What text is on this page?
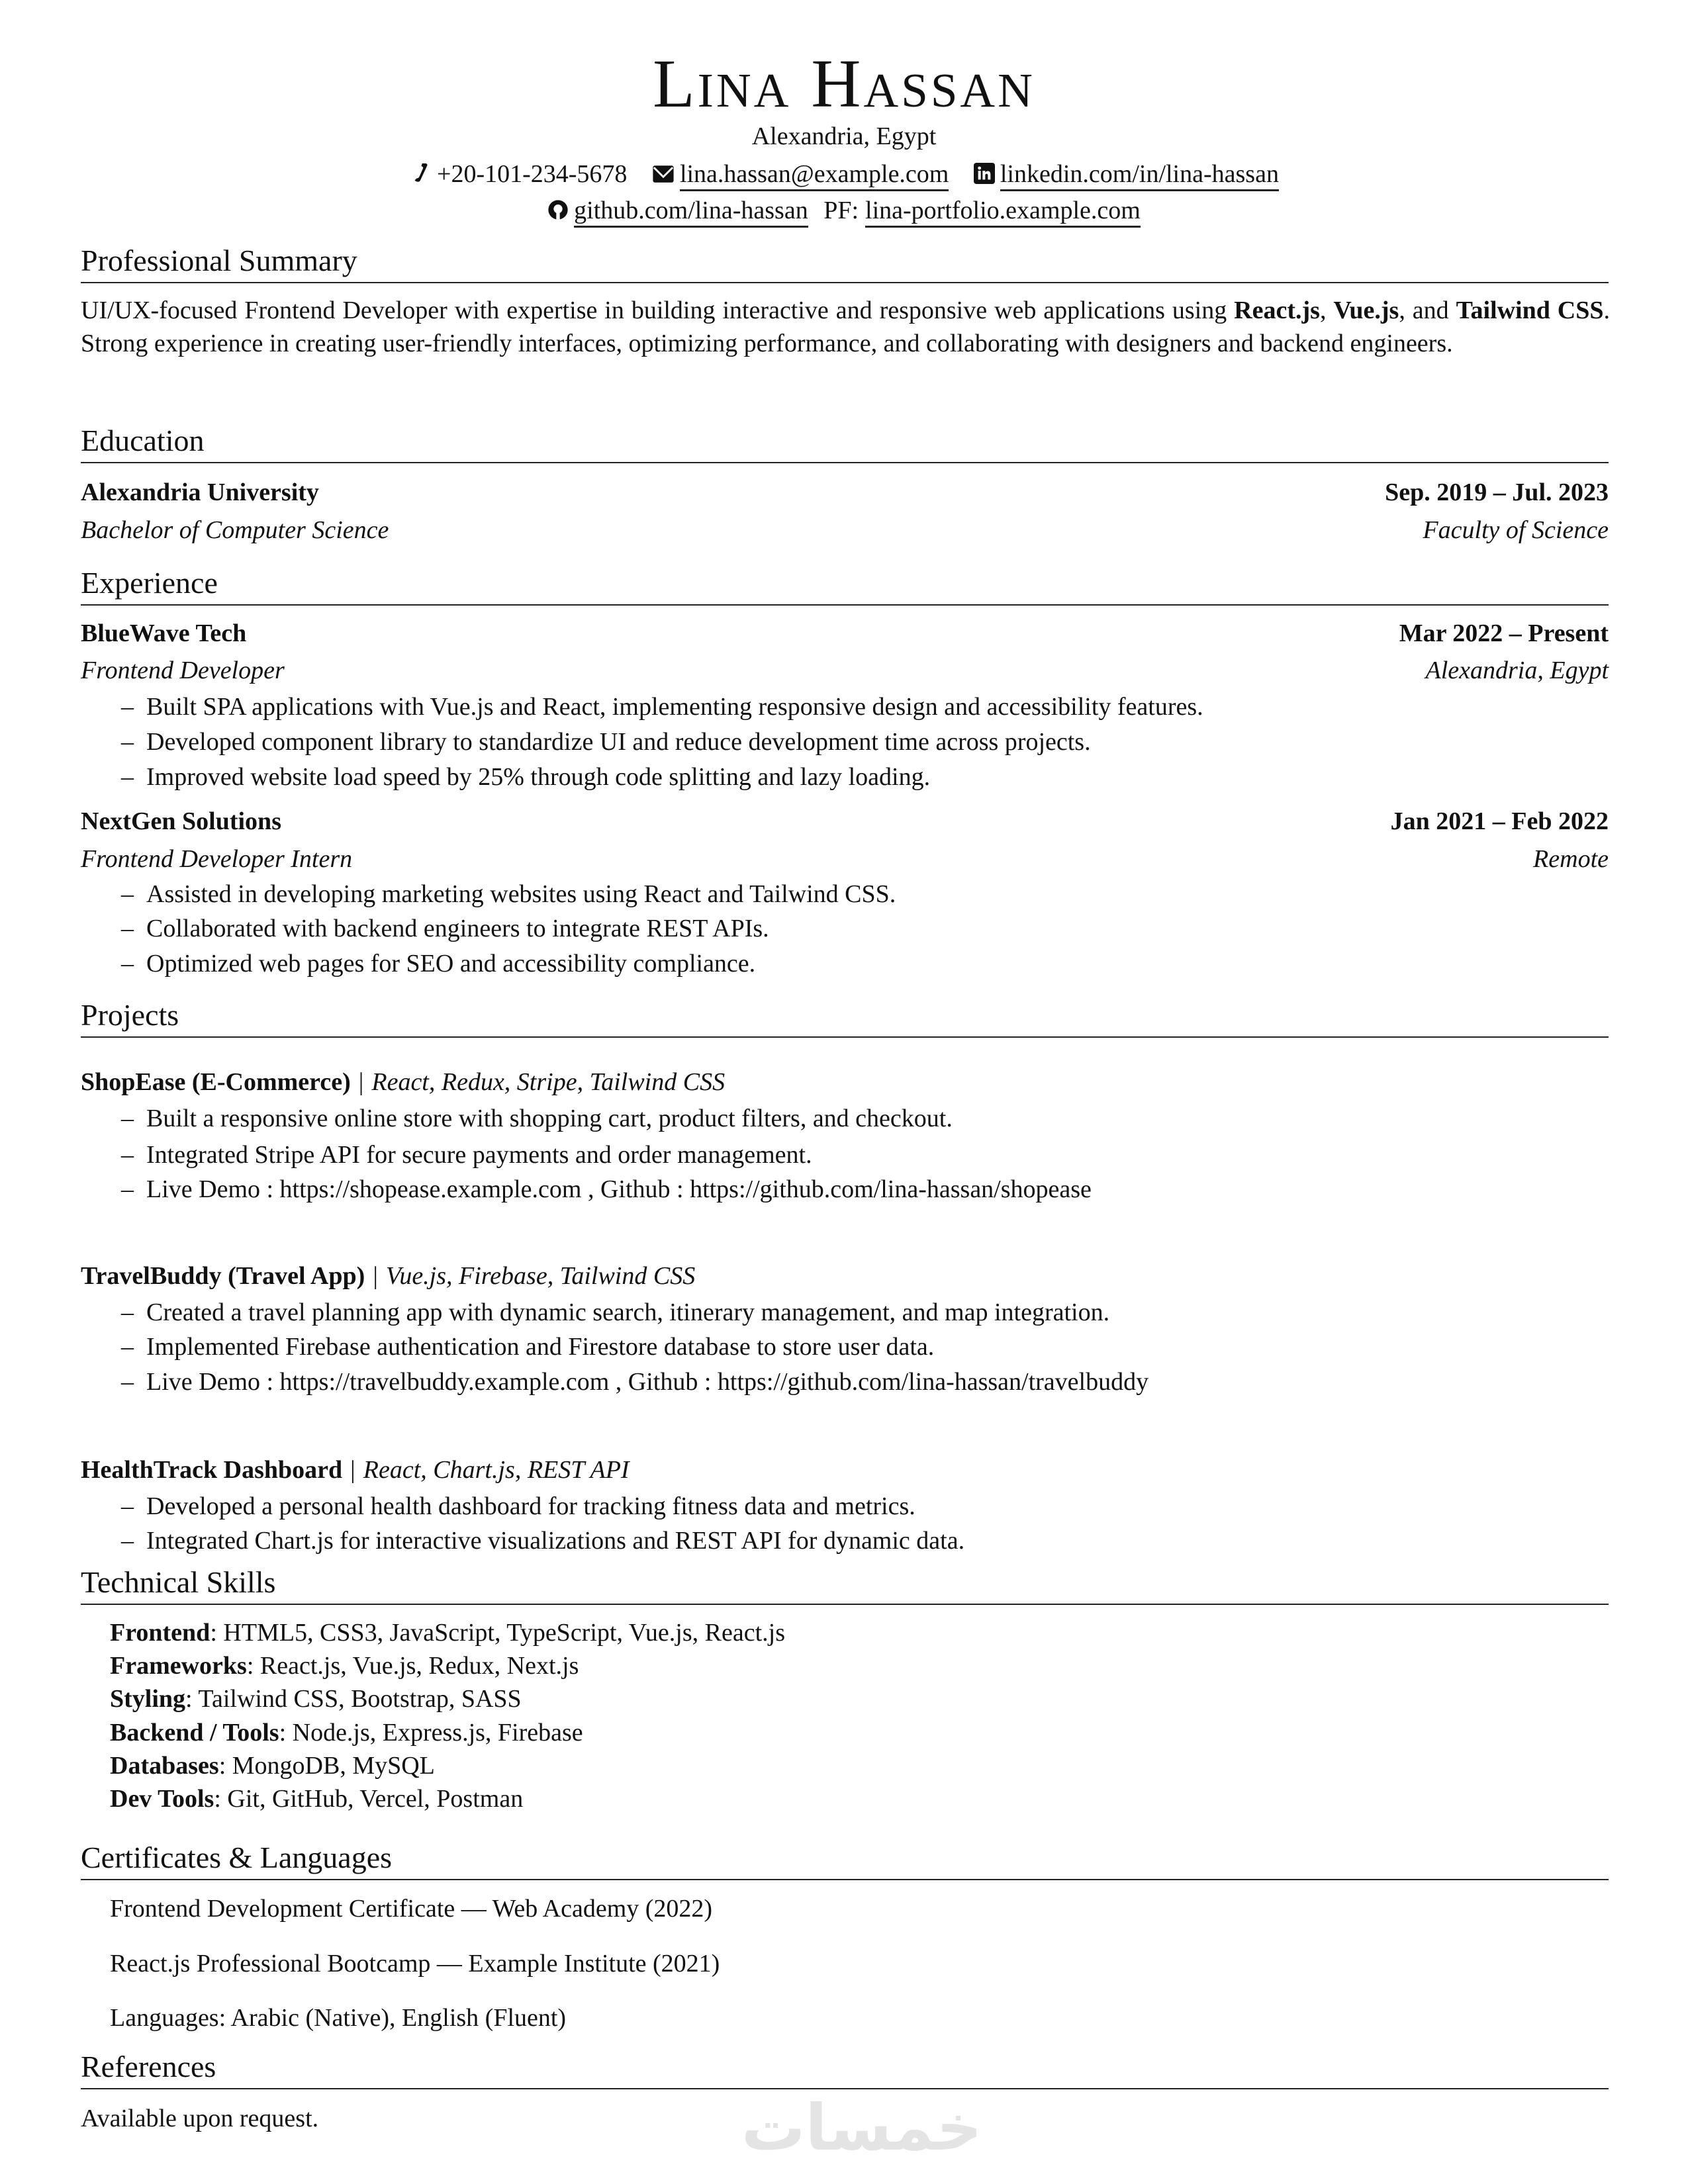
Lina Hassan
Alexandria, Egypt
+20-101-234-5678 lina.hassan@example.com linkedin.com/in/lina-hassan
github.com/lina-hassan PF: lina-portfolio.example.com
Professional Summary
UI/UX-focused Frontend Developer with expertise in building interactive and responsive web applications using React.js, Vue.js, and Tailwind CSS. Strong experience in creating user-friendly interfaces, optimizing performance, and collaborating with designers and backend engineers.
Education
Alexandria University	Sep. 2019 – Jul. 2023
Bachelor of Computer Science	Faculty of Science
Experience
BlueWave Tech	Mar 2022 – Present
Frontend Developer	Alexandria, Egypt
– Built SPA applications with Vue.js and React, implementing responsive design and accessibility features.
– Developed component library to standardize UI and reduce development time across projects.
– Improved website load speed by 25% through code splitting and lazy loading.
NextGen Solutions	Jan 2021 – Feb 2022
Frontend Developer Intern	Remote
– Assisted in developing marketing websites using React and Tailwind CSS.
– Collaborated with backend engineers to integrate REST APIs.
– Optimized web pages for SEO and accessibility compliance.
Projects
ShopEase (E-Commerce) | React, Redux, Stripe, Tailwind CSS
– Built a responsive online store with shopping cart, product filters, and checkout.
– Integrated Stripe API for secure payments and order management.
– Live Demo : https://shopease.example.com , Github : https://github.com/lina-hassan/shopease
TravelBuddy (Travel App) | Vue.js, Firebase, Tailwind CSS
– Created a travel planning app with dynamic search, itinerary management, and map integration.
– Implemented Firebase authentication and Firestore database to store user data.
– Live Demo : https://travelbuddy.example.com , Github : https://github.com/lina-hassan/travelbuddy
HealthTrack Dashboard | React, Chart.js, REST API
– Developed a personal health dashboard for tracking fitness data and metrics.
– Integrated Chart.js for interactive visualizations and REST API for dynamic data.
Technical Skills
Frontend: HTML5, CSS3, JavaScript, TypeScript, Vue.js, React.js
Frameworks: React.js, Vue.js, Redux, Next.js
Styling: Tailwind CSS, Bootstrap, SASS
Backend / Tools: Node.js, Express.js, Firebase
Databases: MongoDB, MySQL
Dev Tools: Git, GitHub, Vercel, Postman
Certificates & Languages
Frontend Development Certificate — Web Academy (2022)
React.js Professional Bootcamp — Example Institute (2021)
Languages: Arabic (Native), English (Fluent)
References
Available upon request.	خمسات
